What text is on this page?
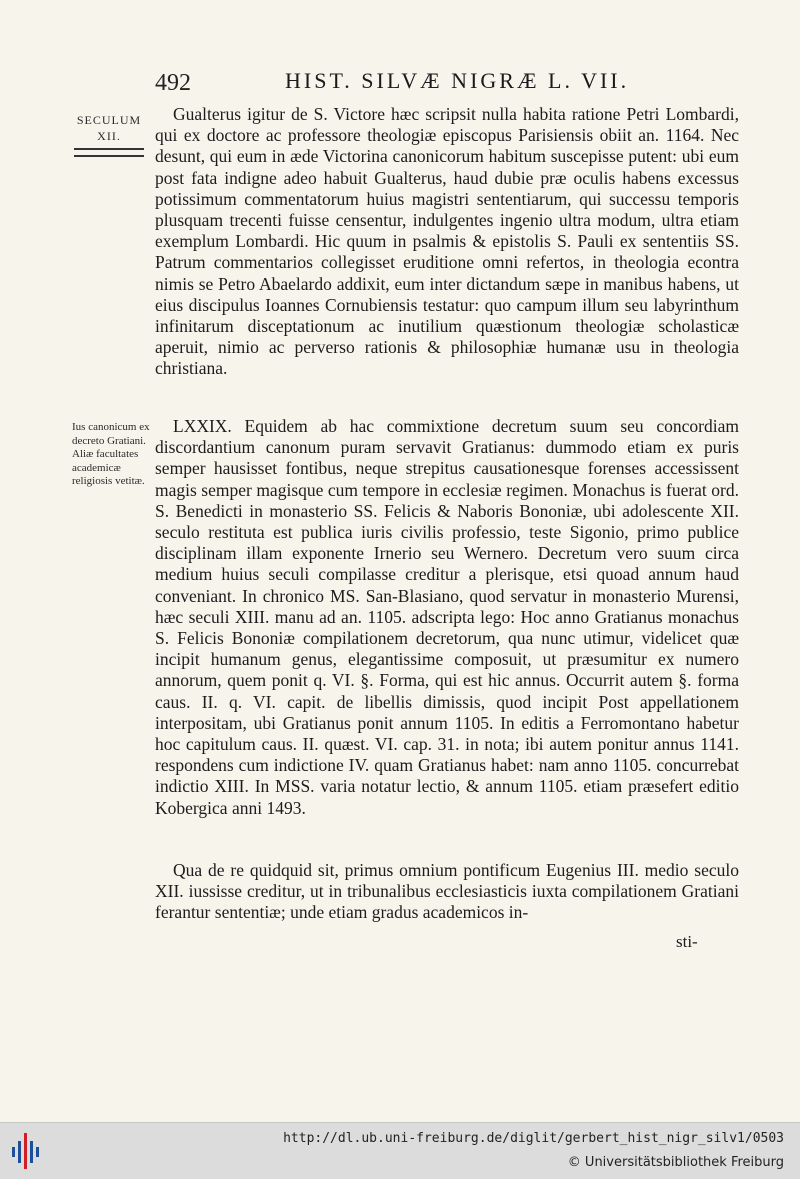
492	HIST. SILVÆ NIGRÆ L. VII.
SECULUM
XII.
Ius canonicum ex decreto Gratiani. Aliæ facultates academicæ religiosis vetitæ.

Gualterus igitur de S. Victore hæc scripsit nulla habita ratione Petri Lombardi, qui ex doctore ac professore theologiæ episcopus Parisiensis obiit an. 1164. Nec desunt, qui eum in æde Victorina canonicorum habitum suscepisse putent: ubi eum post fata indigne adeo habuit Gualterus, haud dubie præ oculis habens excessus potissimum commentatorum huius magistri sententiarum, qui successu temporis plusquam trecenti fuisse censentur, indulgentes ingenio ultra modum, ultra etiam exemplum Lombardi. Hic quum in psalmis & epistolis S. Pauli ex sententiis SS. Patrum commentarios collegisset eruditione omni refertos, in theologia econtra nimis se Petro Abaelardo addixit, eum inter dictandum sæpe in manibus habens, ut eius discipulus Ioannes Cornubiensis testatur: quo campum illum seu labyrinthum infinitarum disceptationum ac inutilium quæstionum theologiæ scholasticæ aperuit, nimio ac perverso rationis & philosophiæ humanæ usu in theologia christiana.

LXXIX. Equidem ab hac commixtione decretum suum seu concordiam discordantium canonum puram servavit Gratianus: dummodo etiam ex puris semper hausisset fontibus, neque strepitus causationesque forenses accessissent magis semper magisque cum tempore in ecclesiæ regimen. Monachus is fuerat ord. S. Benedicti in monasterio SS. Felicis & Naboris Bononiæ, ubi adolescente XII. seculo restituta est publica iuris civilis professio, teste Sigonio, primo publice disciplinam illam exponente Irnerio seu Wernero. Decretum vero suum circa medium huius seculi compilasse creditur a plerisque, etsi quoad annum haud conveniant. In chronico MS. San-Blasiano, quod servatur in monasterio Murensi, hæc seculi XIII. manu ad an. 1105. adscripta lego: Hoc anno Gratianus monachus S. Felicis Bononiæ compilationem decretorum, qua nunc utimur, videlicet quæ incipit humanum genus, elegantissime composuit, ut præsumitur ex numero annorum, quem ponit q. VI. §. Forma, qui est hic annus. Occurrit autem §. forma caus. II. q. VI. capit. de libellis dimissis, quod incipit Post appellationem interpositam, ubi Gratianus ponit annum 1105. In editis a Ferromontano habetur hoc capitulum caus. II. quæst. VI. cap. 31. in nota; ibi autem ponitur annus 1141. respondens cum indictione IV. quam Gratianus habet: nam anno 1105. concurrebat indictio XIII. In MSS. varia notatur lectio, & annum 1105. etiam præsefert editio Kobergica anni 1493.

Qua de re quidquid sit, primus omnium pontificum Eugenius III. medio seculo XII. iussisse creditur, ut in tribunalibus ecclesiasticis iuxta compilationem Gratiani ferantur sententiæ; unde etiam gradus academicos in-

sti-
http://dl.ub.uni-freiburg.de/diglit/gerbert_hist_nigr_silv1/0503
© Universitätsbibliothek Freiburg
